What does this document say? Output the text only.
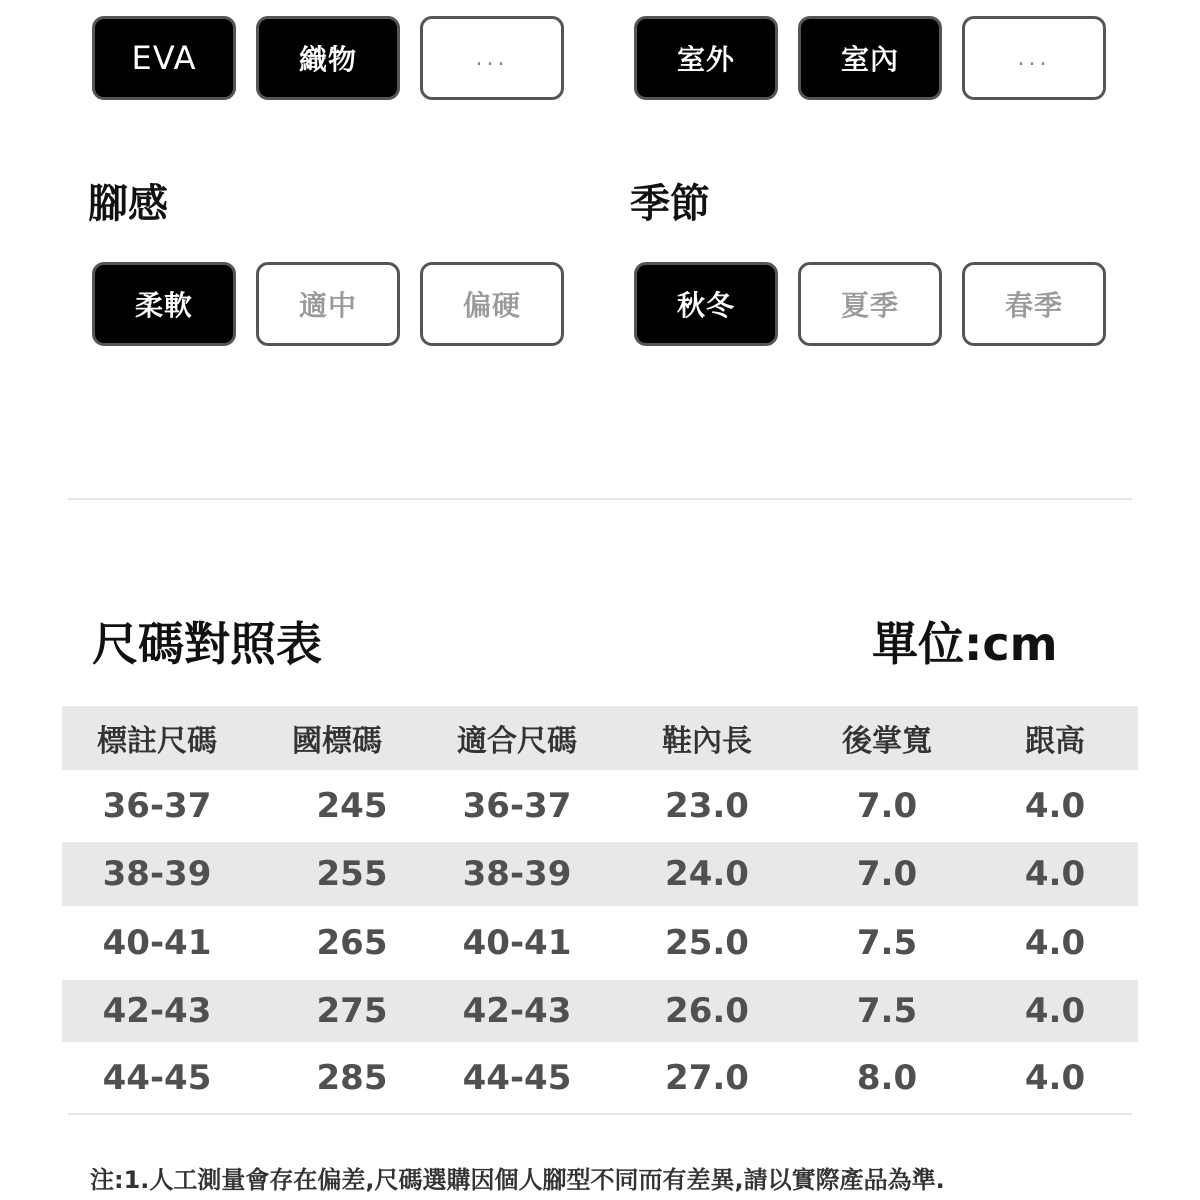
EVA	織物	...	室外	室內	...
腳感	季節
柔軟	適中	偏硬	秋冬	夏季	春季
尺碼對照表	單位:cm
標註尺碼	國標碼	適合尺碼	鞋內長	後掌寬	跟高
36-37	245	36-37	23.0	7.0	4.0
38-39	255	38-39	24.0	7.0	4.0
40-41	265	40-41	25.0	7.5	4.0
42-43	275	42-43	26.0	7.5	4.0
44-45	285	44-45	27.0	8.0	4.0
注:1.人工測量會存在偏差,尺碼選購因個人腳型不同而有差異,請以實際產品為準.
